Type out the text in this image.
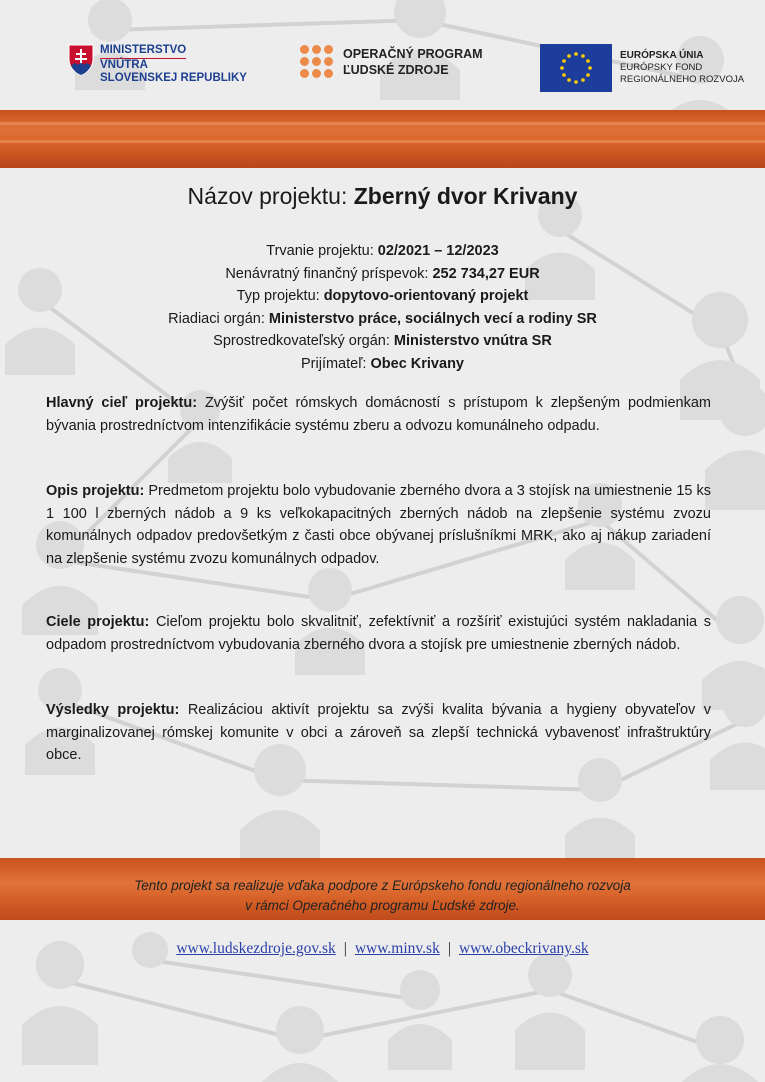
MINISTERSTVO
VNÚTRA
SLOVENSKEJ REPUBLIKY
OPERAČNÝ PROGRAM
ĽUDSKÉ ZDROJE
EURÓPSKA ÚNIA
EURÓPSKY FOND
REGIONÁLNEHO ROZVOJA
Názov projektu: Zberný dvor Krivany
Trvanie projektu: 02/2021 – 12/2023
Nenávratný finančný príspevok: 252 734,27 EUR
Typ projektu: dopytovo-orientovaný projekt
Riadiaci orgán: Ministerstvo práce, sociálnych vecí a rodiny SR
Sprostredkovateľský orgán: Ministerstvo vnútra SR
Prijímateľ: Obec Krivany
Hlavný cieľ projektu: Zvýšiť počet rómskych domácností s prístupom k zlepšeným podmienkam bývania prostredníctvom intenzifikácie systému zberu a odvozu komunálneho odpadu.
Opis projektu: Predmetom projektu bolo vybudovanie zberného dvora a 3 stojísk na umiestnenie 15 ks 1 100 l zberných nádob a 9 ks veľkokapacitných zberných nádob na zlepšenie systému zvozu komunálnych odpadov predovšetkým z časti obce obývanej príslušníkmi MRK, ako aj nákup zariadení na zlepšenie systému zvozu komunálnych odpadov.
Ciele projektu: Cieľom projektu bolo skvalitniť, zefektívniť a rozšíriť existujúci systém nakladania s odpadom prostredníctvom vybudovania zberného dvora a stojísk pre umiestnenie zberných nádob.
Výsledky projektu: Realizáciou aktivít projektu sa zvýši kvalita bývania a hygieny obyvateľov v marginalizovanej rómskej komunite v obci a zároveň sa zlepší technická vybavenosť infraštruktúry obce.
Tento projekt sa realizuje vďaka podpore z Európskeho fondu regionálneho rozvoja
v rámci Operačného programu Ľudské zdroje.
www.ludskezdroje.gov.sk | www.minv.sk | www.obeckrivany.sk
